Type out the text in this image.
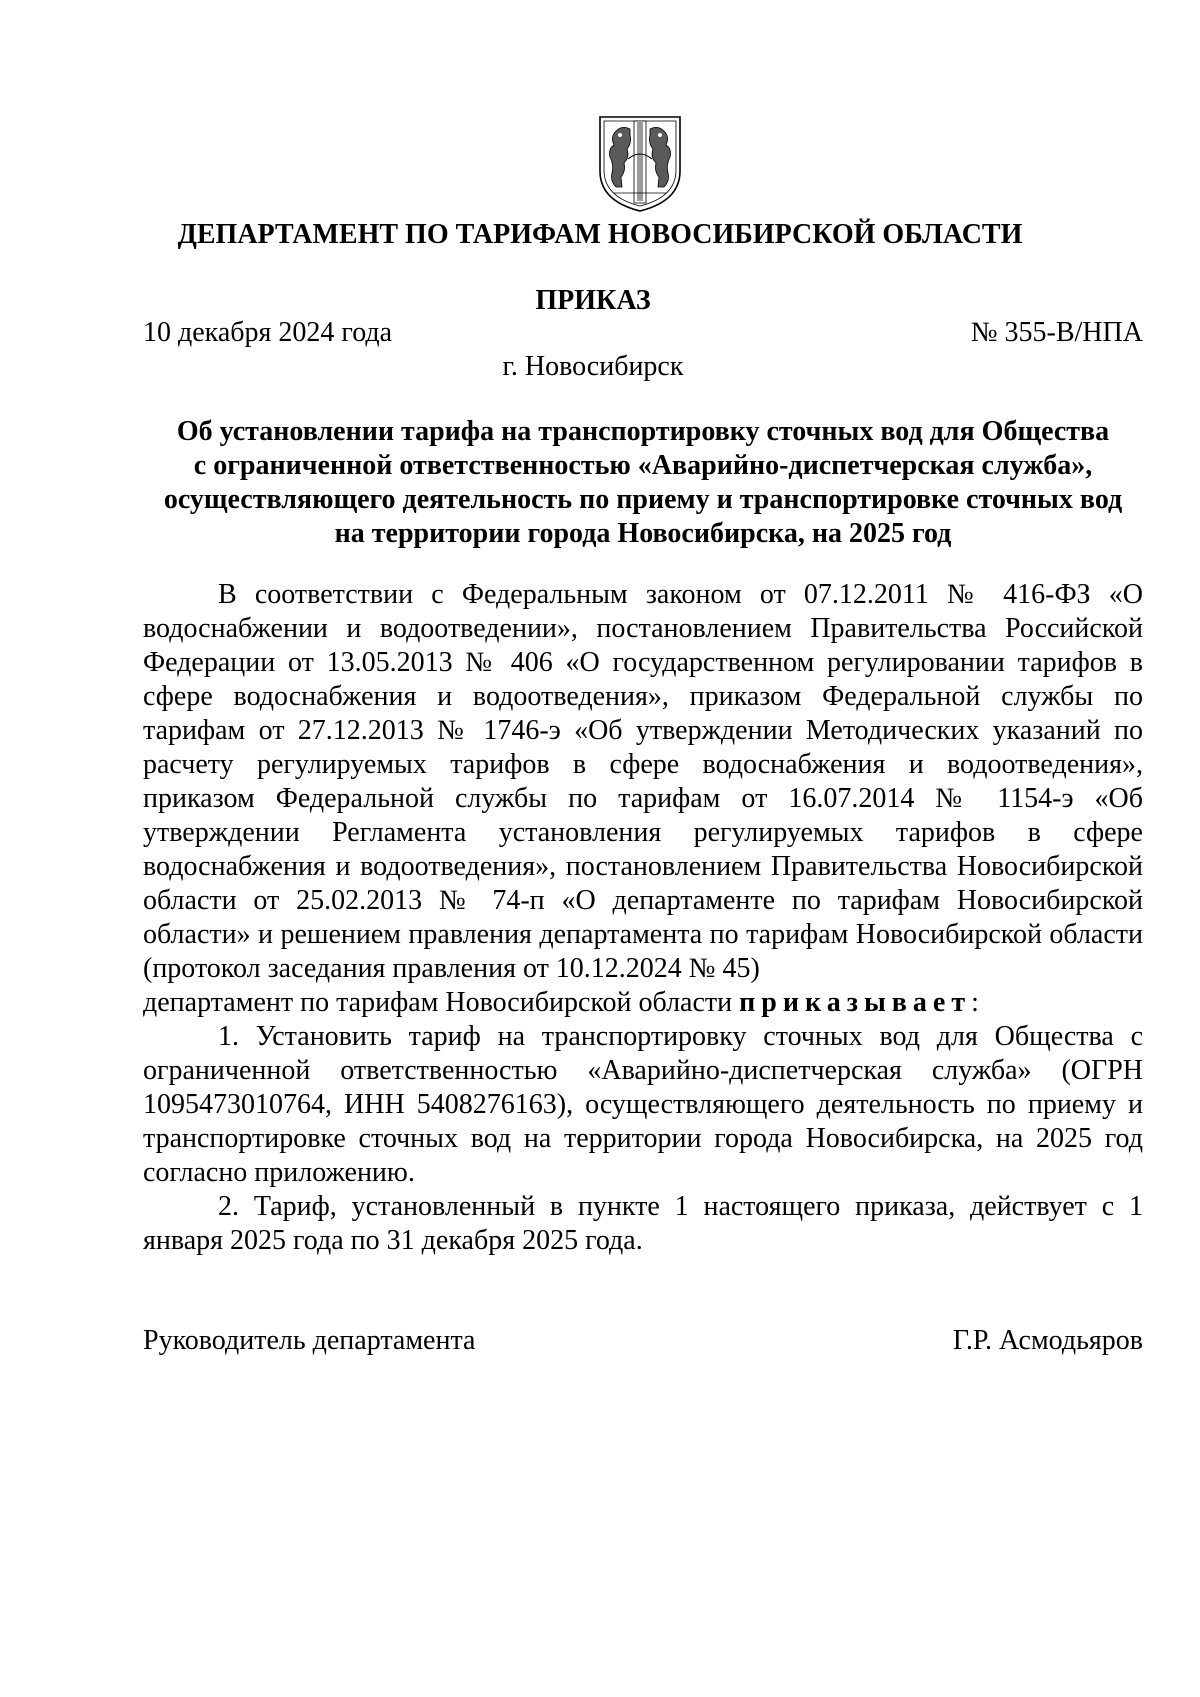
ДЕПАРТАМЕНТ ПО ТАРИФАМ НОВОСИБИРСКОЙ ОБЛАСТИ
ПРИКАЗ
10 декабря 2024 года	№ 355-В/НПА
г. Новосибирск
Об установлении тарифа на транспортировку сточных вод для Общества
с ограниченной ответственностью «Аварийно-диспетчерская служба»,
осуществляющего деятельность по приему и транспортировке сточных вод
на территории города Новосибирска, на 2025 год

В соответствии с Федеральным законом от 07.12.2011 № 416-ФЗ «О водоснабжении и водоотведении», постановлением Правительства Российской Федерации от 13.05.2013 № 406 «О государственном регулировании тарифов в сфере водоснабжения и водоотведения», приказом Федеральной службы по тарифам от 27.12.2013 № 1746-э «Об утверждении Методических указаний по расчету регулируемых тарифов в сфере водоснабжения и водоотведения», приказом Федеральной службы по тарифам от 16.07.2014 № 1154-э «Об утверждении Регламента установления регулируемых тарифов в сфере водоснабжения и водоотведения», постановлением Правительства Новосибирской области от 25.02.2013 № 74-п «О департаменте по тарифам Новосибирской области» и решением правления департамента по тарифам Новосибирской области (протокол заседания правления от 10.12.2024 № 45)

департамент по тарифам Новосибирской области приказывает:

1. Установить тариф на транспортировку сточных вод для Общества с ограниченной ответственностью «Аварийно-диспетчерская служба» (ОГРН 1095473010764, ИНН 5408276163), осуществляющего деятельность по приему и транспортировке сточных вод на территории города Новосибирска, на 2025 год согласно приложению.

2. Тариф, установленный в пункте 1 настоящего приказа, действует с 1 января 2025 года по 31 декабря 2025 года.

Руководитель департамента	Г.Р. Асмодьяров
